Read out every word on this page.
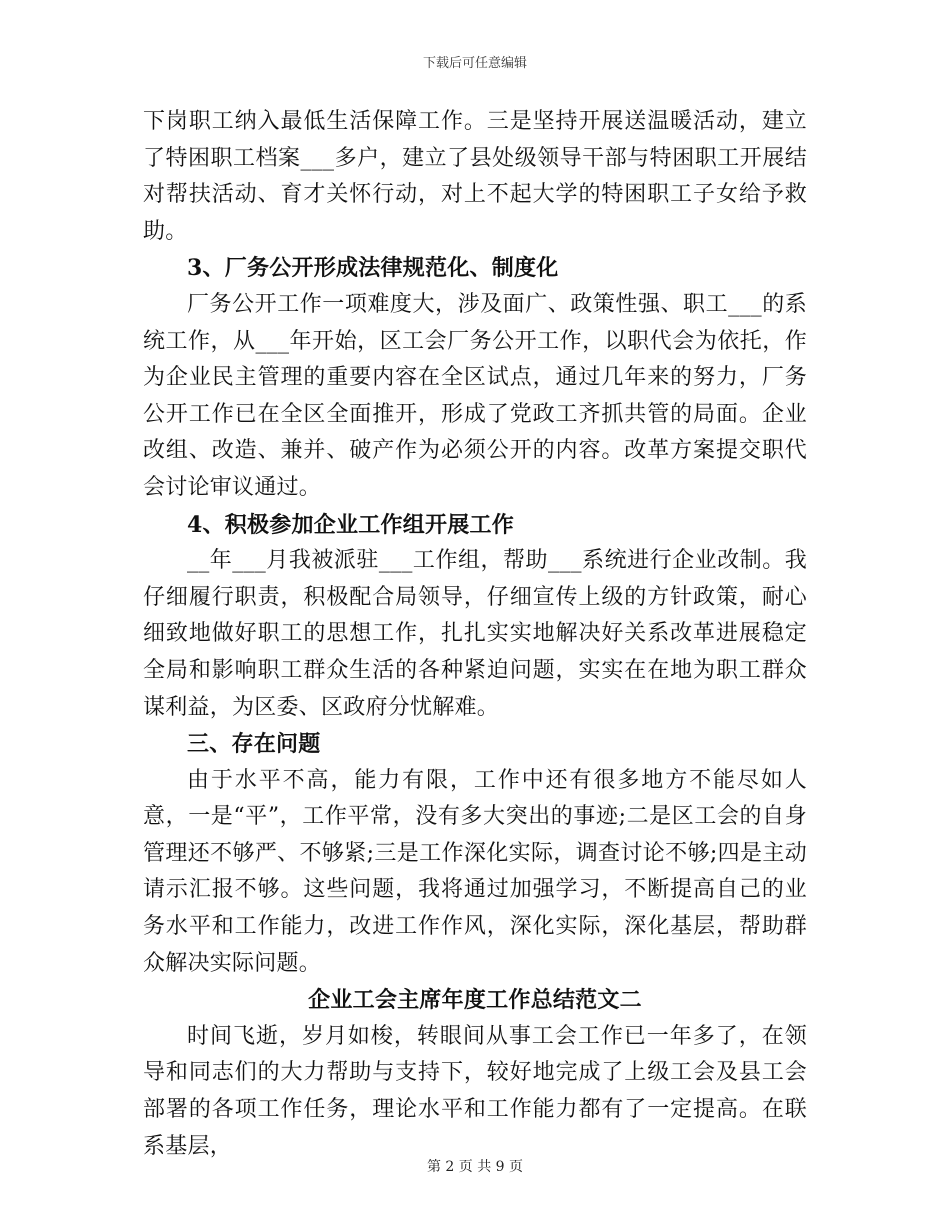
下载后可任意编辑

下岗职工纳入最低生活保障工作。三是坚持开展送温暖活动，建立了特困职工档案___多户，建立了县处级领导干部与特困职工开展结对帮扶活动、育才关怀行动，对上不起大学的特困职工子女给予救助。

3、厂务公开形成法律规范化、制度化

厂务公开工作一项难度大，涉及面广、政策性强、职工___的系统工作，从___年开始，区工会厂务公开工作，以职代会为依托，作为企业民主管理的重要内容在全区试点，通过几年来的努力，厂务公开工作已在全区全面推开，形成了党政工齐抓共管的局面。企业改组、改造、兼并、破产作为必须公开的内容。改革方案提交职代会讨论审议通过。

4、积极参加企业工作组开展工作

__年___月我被派驻___工作组，帮助___系统进行企业改制。我仔细履行职责，积极配合局领导，仔细宣传上级的方针政策，耐心细致地做好职工的思想工作，扎扎实实地解决好关系改革进展稳定全局和影响职工群众生活的各种紧迫问题，实实在在地为职工群众谋利益，为区委、区政府分忧解难。

三、存在问题

由于水平不高，能力有限，工作中还有很多地方不能尽如人意，一是“平”，工作平常，没有多大突出的事迹;二是区工会的自身管理还不够严、不够紧;三是工作深化实际，调查讨论不够;四是主动请示汇报不够。这些问题，我将通过加强学习，不断提高自己的业务水平和工作能力，改进工作作风，深化实际，深化基层，帮助群众解决实际问题。

企业工会主席年度工作总结范文二

时间飞逝，岁月如梭，转眼间从事工会工作已一年多了，在领导和同志们的大力帮助与支持下，较好地完成了上级工会及县工会部署的各项工作任务，理论水平和工作能力都有了一定提高。在联系基层，

第 2 页 共 9 页
